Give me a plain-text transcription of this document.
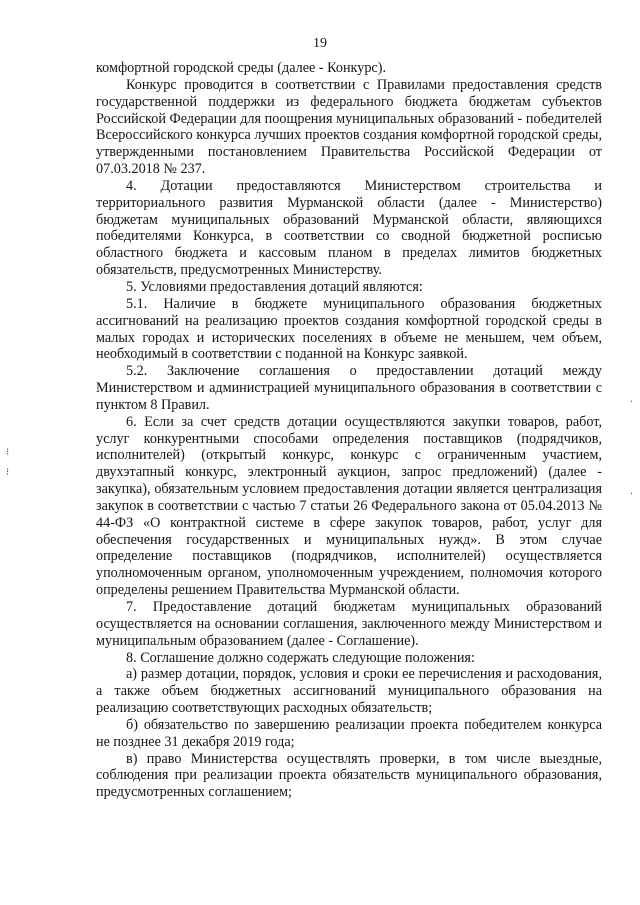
19

комфортной городской среды (далее - Конкурс).

Конкурс проводится в соответствии с Правилами предоставления средств государственной поддержки из федерального бюджета бюджетам субъектов Российской Федерации для поощрения муниципальных образований - победителей Всероссийского конкурса лучших проектов создания комфортной городской среды, утвержденными постановлением Правительства Российской Федерации от 07.03.2018 № 237.

4. Дотации предоставляются Министерством строительства и территориального развития Мурманской области (далее - Министерство) бюджетам муниципальных образований Мурманской области, являющихся победителями Конкурса, в соответствии со сводной бюджетной росписью областного бюджета и кассовым планом в пределах лимитов бюджетных обязательств, предусмотренных Министерству.

5. Условиями предоставления дотаций являются:

5.1. Наличие в бюджете муниципального образования бюджетных ассигнований на реализацию проектов создания комфортной городской среды в малых городах и исторических поселениях в объеме не меньшем, чем объем, необходимый в соответствии с поданной на Конкурс заявкой.

5.2. Заключение соглашения о предоставлении дотаций между Министерством и администрацией муниципального образования в соответствии с пунктом 8 Правил.

6. Если за счет средств дотации осуществляются закупки товаров, работ, услуг конкурентными способами определения поставщиков (подрядчиков, исполнителей) (открытый конкурс, конкурс с ограниченным участием, двухэтапный конкурс, электронный аукцион, запрос предложений) (далее - закупка), обязательным условием предоставления дотации является централизация закупок в соответствии с частью 7 статьи 26 Федерального закона от 05.04.2013 № 44-ФЗ «О контрактной системе в сфере закупок товаров, работ, услуг для обеспечения государственных и муниципальных нужд». В этом случае определение поставщиков (подрядчиков, исполнителей) осуществляется уполномоченным органом, уполномоченным учреждением, полномочия которого определены решением Правительства Мурманской области.

7. Предоставление дотаций бюджетам муниципальных образований осуществляется на основании соглашения, заключенного между Министерством и муниципальным образованием (далее - Соглашение).

8. Соглашение должно содержать следующие положения:

а) размер дотации, порядок, условия и сроки ее перечисления и расходования, а также объем бюджетных ассигнований муниципального образования на реализацию соответствующих расходных обязательств;

б) обязательство по завершению реализации проекта победителем конкурса не позднее 31 декабря 2019 года;

в) право Министерства осуществлять проверки, в том числе выездные, соблюдения при реализации проекта обязательств муниципального образования, предусмотренных соглашением;

⁝
⁝
·
·
